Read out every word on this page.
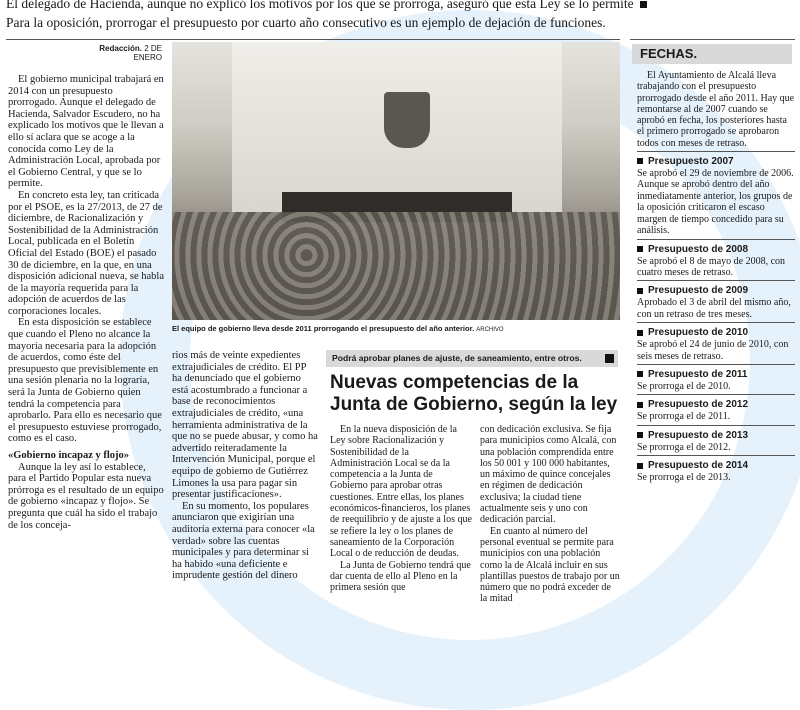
El delegado de Hacienda, aunque no explicó los motivos por los que se prorroga, aseguró que esta Ley se lo permite
Para la oposición, prorrogar el presupuesto por cuarto año consecutivo es un ejemplo de dejación de funciones.
Redacción. 2 DE ENERO

El gobierno municipal trabajará en 2014 con un presupuesto prorrogado. Aunque el delegado de Hacienda, Salvador Escudero, no ha explicado los motivos que le llevan a ello sí aclara que se acoge a la conocida como Ley de la Administración Local, aprobada por el Gobierno Central, y que se lo permite.

En concreto esta ley, tan criticada por el PSOE, es la 27/2013, de 27 de diciembre, de Racionalización y Sostenibilidad de la Administración Local, publicada en el Boletín Oficial del Estado (BOE) el pasado 30 de diciembre, en la que, en una disposición adicional nueva, se habla de la mayoría requerida para la adopción de acuerdos de las corporaciones locales.

En esta disposición se establece que cuando el Pleno no alcance la mayoría necesaria para la adopción de acuerdos, como éste del presupuesto que previsiblemente en una sesión plenaria no la lograría, será la Junta de Gobierno quien tendrá la competencia para aprobarlo. Para ello es necesario que el presupuesto estuviese prorrogado, como es el caso.

«Gobierno incapaz y flojo»

Aunque la ley así lo establece, para el Partido Popular esta nueva prórroga es el resultado de un equipo de gobierno «incapaz y flojo». Se pregunta que cuál ha sido el trabajo de los conceja-

El equipo de gobierno lleva desde 2011 prorrogando el presupuesto del año anterior. ARCHIVO

rios más de veinte expedientes extrajudiciales de crédito. El PP ha denunciado que el gobierno está acostumbrado a funcionar a base de reconocimientos extrajudiciales de crédito, «una herramienta administrativa de la que no se puede abusar, y como ha advertido reiteradamente la Intervención Municipal, porque el equipo de gobierno de Gutiérrez Limones la usa para pagar sin presentar justificaciones».

En su momento, los populares anunciaron que exigirían una auditoría externa para conocer «la verdad» sobre las cuentas municipales y para determinar si ha habido «una deficiente e imprudente gestión del dinero

Podrá aprobar planes de ajuste, de saneamiento, entre otros.
Nuevas competencias de la Junta de Gobierno, según la ley

En la nueva disposición de la Ley sobre Racionalización y Sostenibilidad de la Administración Local se da la competencia a la Junta de Gobierno para aprobar otras cuestiones. Entre ellas, los planes económicos-financieros, los planes de reequilibrio y de ajuste a los que se refiere la ley o los planes de saneamiento de la Corporación Local o de reducción de deudas.

La Junta de Gobierno tendrá que dar cuenta de ello al Pleno en la primera sesión que

con dedicación exclusiva. Se fija para municipios como Alcalá, con una población comprendida entre los 50 001 y 100 000 habitantes, un máximo de quince concejales en régimen de dedicación exclusiva; la ciudad tiene actualmente seis y uno con dedicación parcial.

En cuanto al número del personal eventual se permite para municipios con una población como la de Alcalá incluir en sus plantillas puestos de trabajo por un número que no podrá exceder de la mitad

FECHAS.

El Ayuntamiento de Alcalá lleva trabajando con el presupuesto prorrogado desde el año 2011. Hay que remontarse al de 2007 cuando se aprobó en fecha, los posteriores hasta el primero prorrogado se aprobaron todos con meses de retraso.

Presupuesto 2007

Se aprobó el 29 de noviembre de 2006. Aunque se aprobó dentro del año inmediatamente anterior, los grupos de la oposición criticaron el escaso margen de tiempo concedido para su análisis.

Presupuesto de 2008

Se aprobó el 8 de mayo de 2008, con cuatro meses de retraso.

Presupuesto de 2009

Aprobado el 3 de abril del mismo año, con un retraso de tres meses.

Presupuesto de 2010

Se aprobó el 24 de junio de 2010, con seis meses de retraso.

Presupuesto de 2011

Se prorroga el de 2010.

Presupuesto de 2012

Se prorroga el de 2011.

Presupuesto de 2013

Se prorroga el de 2012.

Presupuesto de 2014

Se prorroga el de 2013.
